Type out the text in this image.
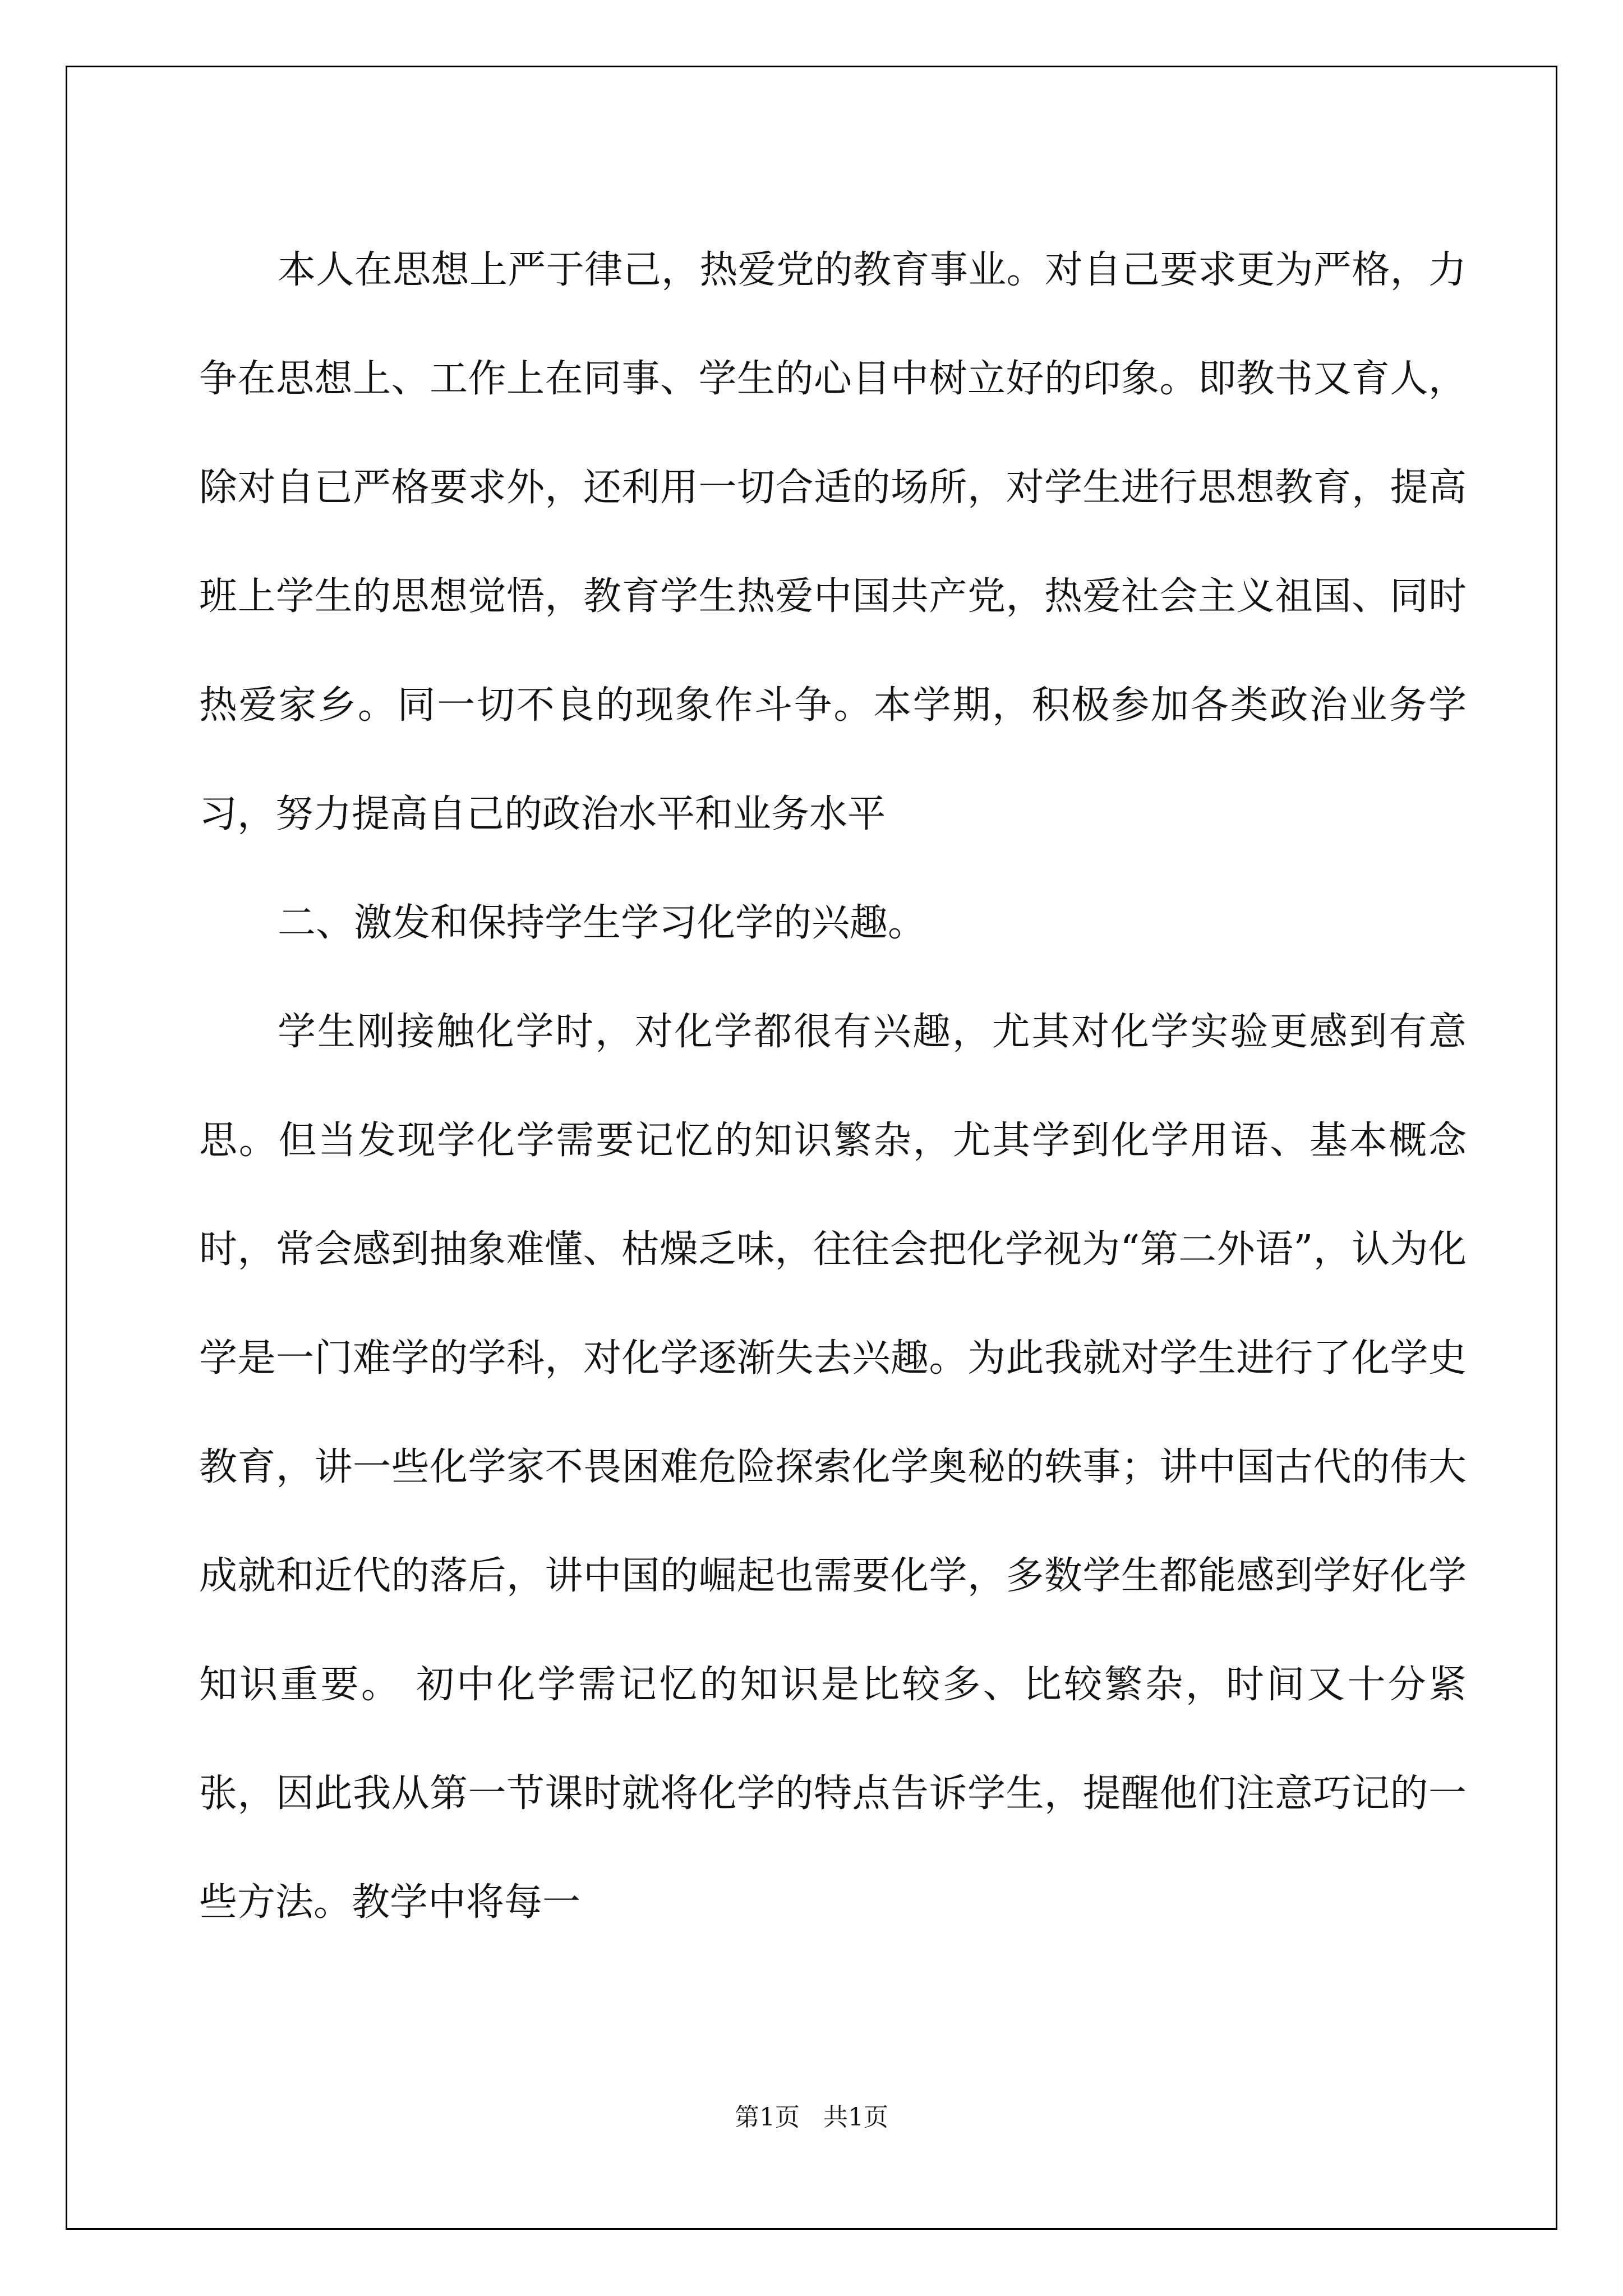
本人在思想上严于律己，热爱党的教育事业。对自己要求更为严格，力争在思想上、工作上在同事、学生的心目中树立好的印象。即教书又育人，除对自已严格要求外，还利用一切合适的场所，对学生进行思想教育，提高班上学生的思想觉悟，教育学生热爱中国共产党，热爱社会主义祖国、同时热爱家乡。同一切不良的现象作斗争。本学期，积极参加各类政治业务学习，努力提高自己的政治水平和业务水平

二、激发和保持学生学习化学的兴趣。

学生刚接触化学时，对化学都很有兴趣，尤其对化学实验更感到有意思。但当发现学化学需要记忆的知识繁杂，尤其学到化学用语、基本概念时，常会感到抽象难懂、枯燥乏味，往往会把化学视为“第二外语”，认为化学是一门难学的学科，对化学逐渐失去兴趣。为此我就对学生进行了化学史教育，讲一些化学家不畏困难危险探索化学奥秘的轶事；讲中国古代的伟大成就和近代的落后，讲中国的崛起也需要化学，多数学生都能感到学好化学知识重要。 初中化学需记忆的知识是比较多、比较繁杂，时间又十分紧张，因此我从第一节课时就将化学的特点告诉学生，提醒他们注意巧记的一些方法。教学中将每一

第1页   共1页
